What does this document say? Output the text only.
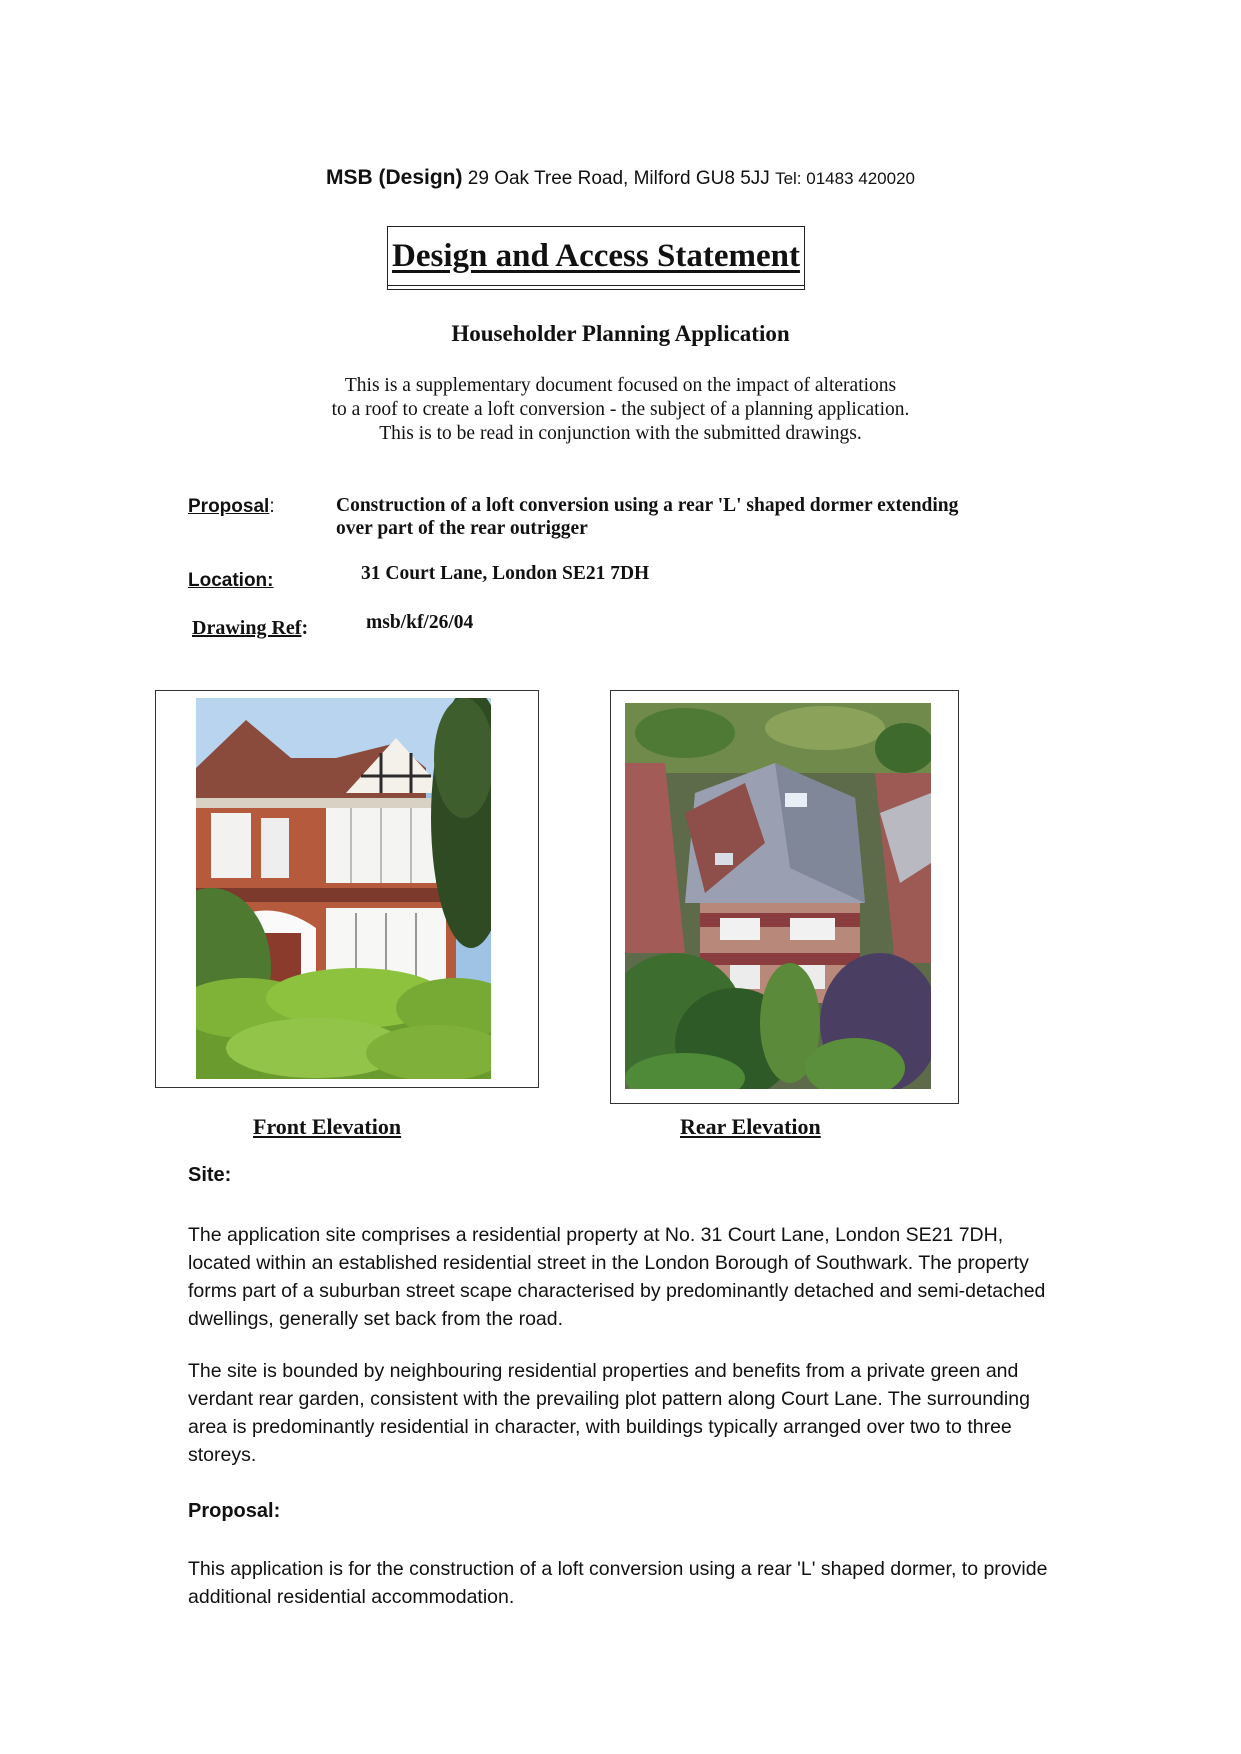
MSB (Design) 29 Oak Tree Road, Milford GU8 5JJ Tel: 01483 420020
Design and Access Statement
Householder Planning Application
This is a supplementary document focused on the impact of alterations
to a roof to create a loft conversion - the subject of a planning application.
This is to be read in conjunction with the submitted drawings.
Proposal:	Construction of a loft conversion using a rear 'L' shaped dormer extending over part of the rear outrigger
Location:	31 Court Lane, London SE21 7DH
Drawing Ref:	msb/kf/26/04
Front Elevation	Rear Elevation
Site:
The application site comprises a residential property at No. 31 Court Lane, London SE21 7DH, located within an established residential street in the London Borough of Southwark. The property forms part of a suburban street scape characterised by predominantly detached and semi-detached dwellings, generally set back from the road.
The site is bounded by neighbouring residential properties and benefits from a private green and verdant rear garden, consistent with the prevailing plot pattern along Court Lane. The surrounding area is predominantly residential in character, with buildings typically arranged over two to three storeys.
Proposal:
This application is for the construction of a loft conversion using a rear 'L' shaped dormer, to provide additional residential accommodation.
